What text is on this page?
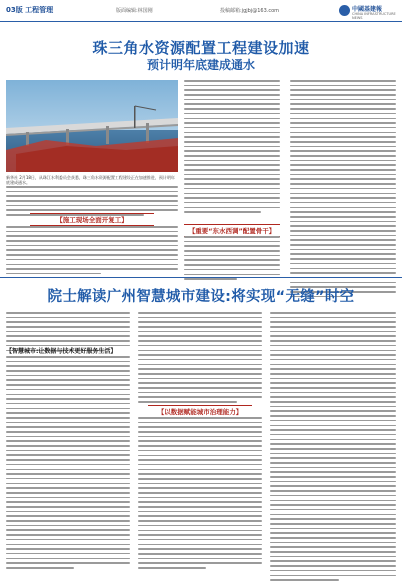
03版 工程管理	版面编辑:林国刚	投稿邮箱:jgjbj@163.com	中國基建報
CHINA INFRASTRUCTURE NEWS
珠三角水资源配置工程建设加速
预计明年底建成通水
新华社 2月18日，从珠江水利委员会获悉，珠三角水资源配置工程建设正在加速推进，预计明年底建成通水。
【施工现场全面开复工】
【重要“东水西调”配置骨干】
院士解读广州智慧城市建设:将实现“无缝”时空
【智慧城市:让数据与技术更好服务生活】
【以数据赋能城市治理能力】
